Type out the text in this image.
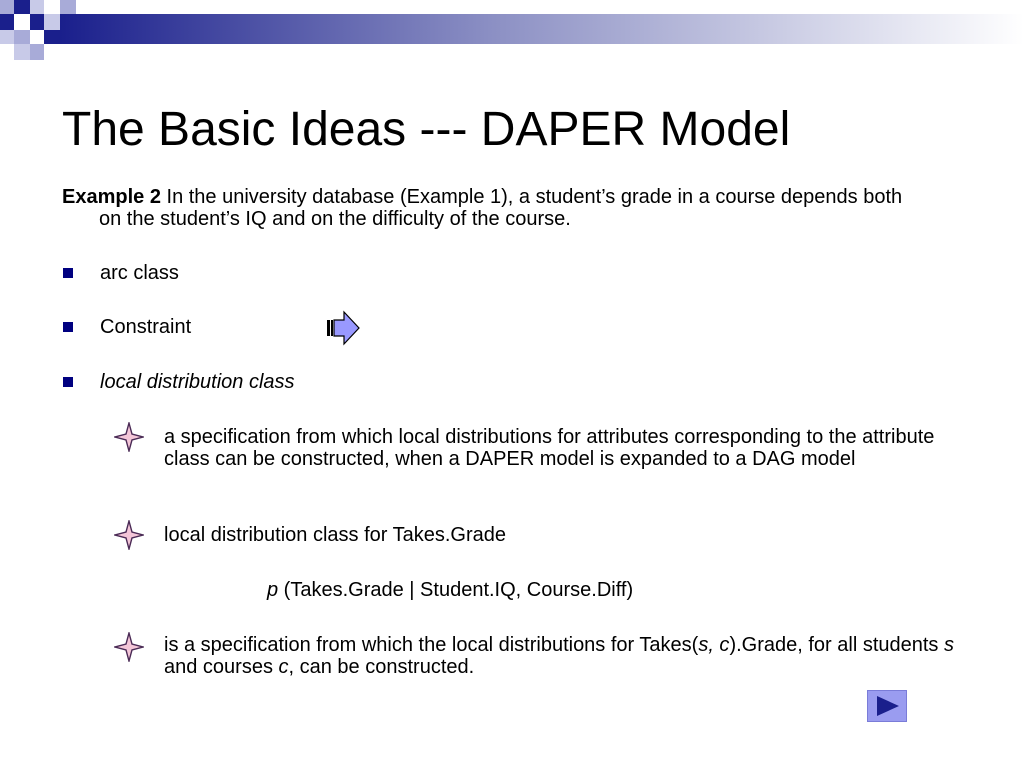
The Basic Ideas --- DAPER Model
Example 2 In the university database (Example 1), a student’s grade in a course depends both on the student’s IQ and on the difficulty of the course.
arc class
Constraint
local distribution class
a specification from which local distributions for attributes corresponding to the attribute class can be constructed, when a DAPER model is expanded to a DAG model
local distribution class for Takes.Grade
p (Takes.Grade | Student.IQ, Course.Diff)
is a specification from which the local distributions for Takes(s, c).Grade, for all students s and courses c, can be constructed.
